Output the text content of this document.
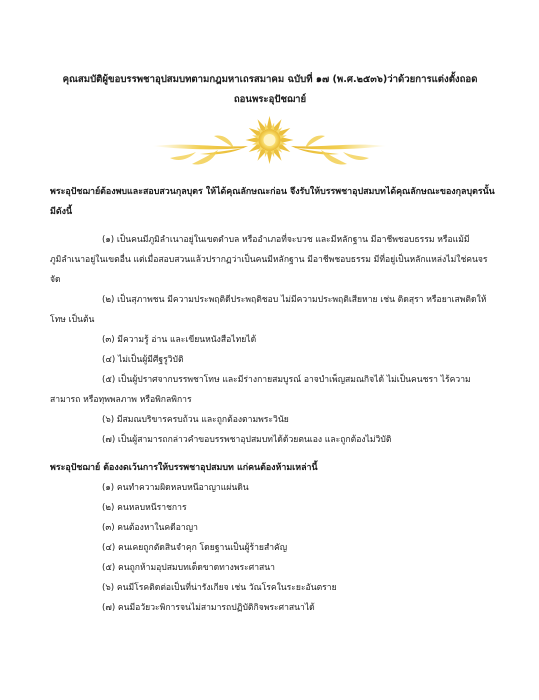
คุณสมบัติผู้ขอบรรพชาอุปสมบทตามกฎมหาเถรสมาคม ฉบับที่ ๑๗ (พ.ศ.๒๕๓๖)ว่าด้วยการแต่งตั้งถอด
ถอนพระอุปัชฌาย์
พระอุปัชฌาย์ต้องพบและสอบสวนกุลบุตร ให้ได้คุณลักษณะก่อน จึงรับให้บรรพชาอุปสมบทได้คุณลักษณะของกุลบุตรนั้น มีดังนี้
(๑) เป็นคนมีภูมิลำเนาอยู่ในเขตตำบล หรืออำเภอที่จะบวช และมีหลักฐาน มีอาชีพชอบธรรม หรือแม้มีภูมิลำเนาอยู่ในเขตอื่น แต่เมื่อสอบสวนแล้วปรากฏว่าเป็นคนมีหลักฐาน มีอาชีพชอบธรรม มีที่อยู่เป็นหลักแหล่งไม่ใช่คนจรจัด
(๒) เป็นสุภาพชน มีความประพฤติดีประพฤติชอบ ไม่มีความประพฤติเสียหาย เช่น ติดสุรา หรือยาเสพติดให้โทษ เป็นต้น
(๓) มีความรู้ อ่าน และเขียนหนังสือไทยได้
(๔) ไม่เป็นผู้มีศีฐรูวิบัติ
(๕) เป็นผู้ปราศจากบรรพชาโทษ และมีร่างกายสมบูรณ์ อาจบำเพ็ญสมณกิจได้ ไม่เป็นคนชรา ไร้ความสามารถ หรือทุพพลภาพ หรือพิกลพิการ
(๖) มีสมณบริขารครบถ้วน และถูกต้องตามพระวินัย
(๗) เป็นผู้สามารถกล่าวคำขอบรรพชาอุปสมบทได้ด้วยตนเอง และถูกต้องไม่วิบัติ
พระอุปัชฌาย์ ต้องงดเว้นการให้บรรพชาอุปสมบท แก่คนต้องห้ามเหล่านี้
(๑) คนทำความผิดหลบหนีอาญาแผ่นดิน
(๒) คนหลบหนีราชการ
(๓) คนต้องหาในคดีอาญา
(๔) คนเคยถูกตัดสินจำคุก โดยฐานเป็นผู้ร้ายสำคัญ
(๕) คนถูกห้ามอุปสมบทเด็ดขาดทางพระศาสนา
(๖) คนมีโรคติดต่อเป็นที่น่ารังเกียจ เช่น วัณโรคในระยะอันตราย
(๗) คนมีอวัยวะพิการจนไม่สามารถปฏิบัติกิจพระศาสนาได้
